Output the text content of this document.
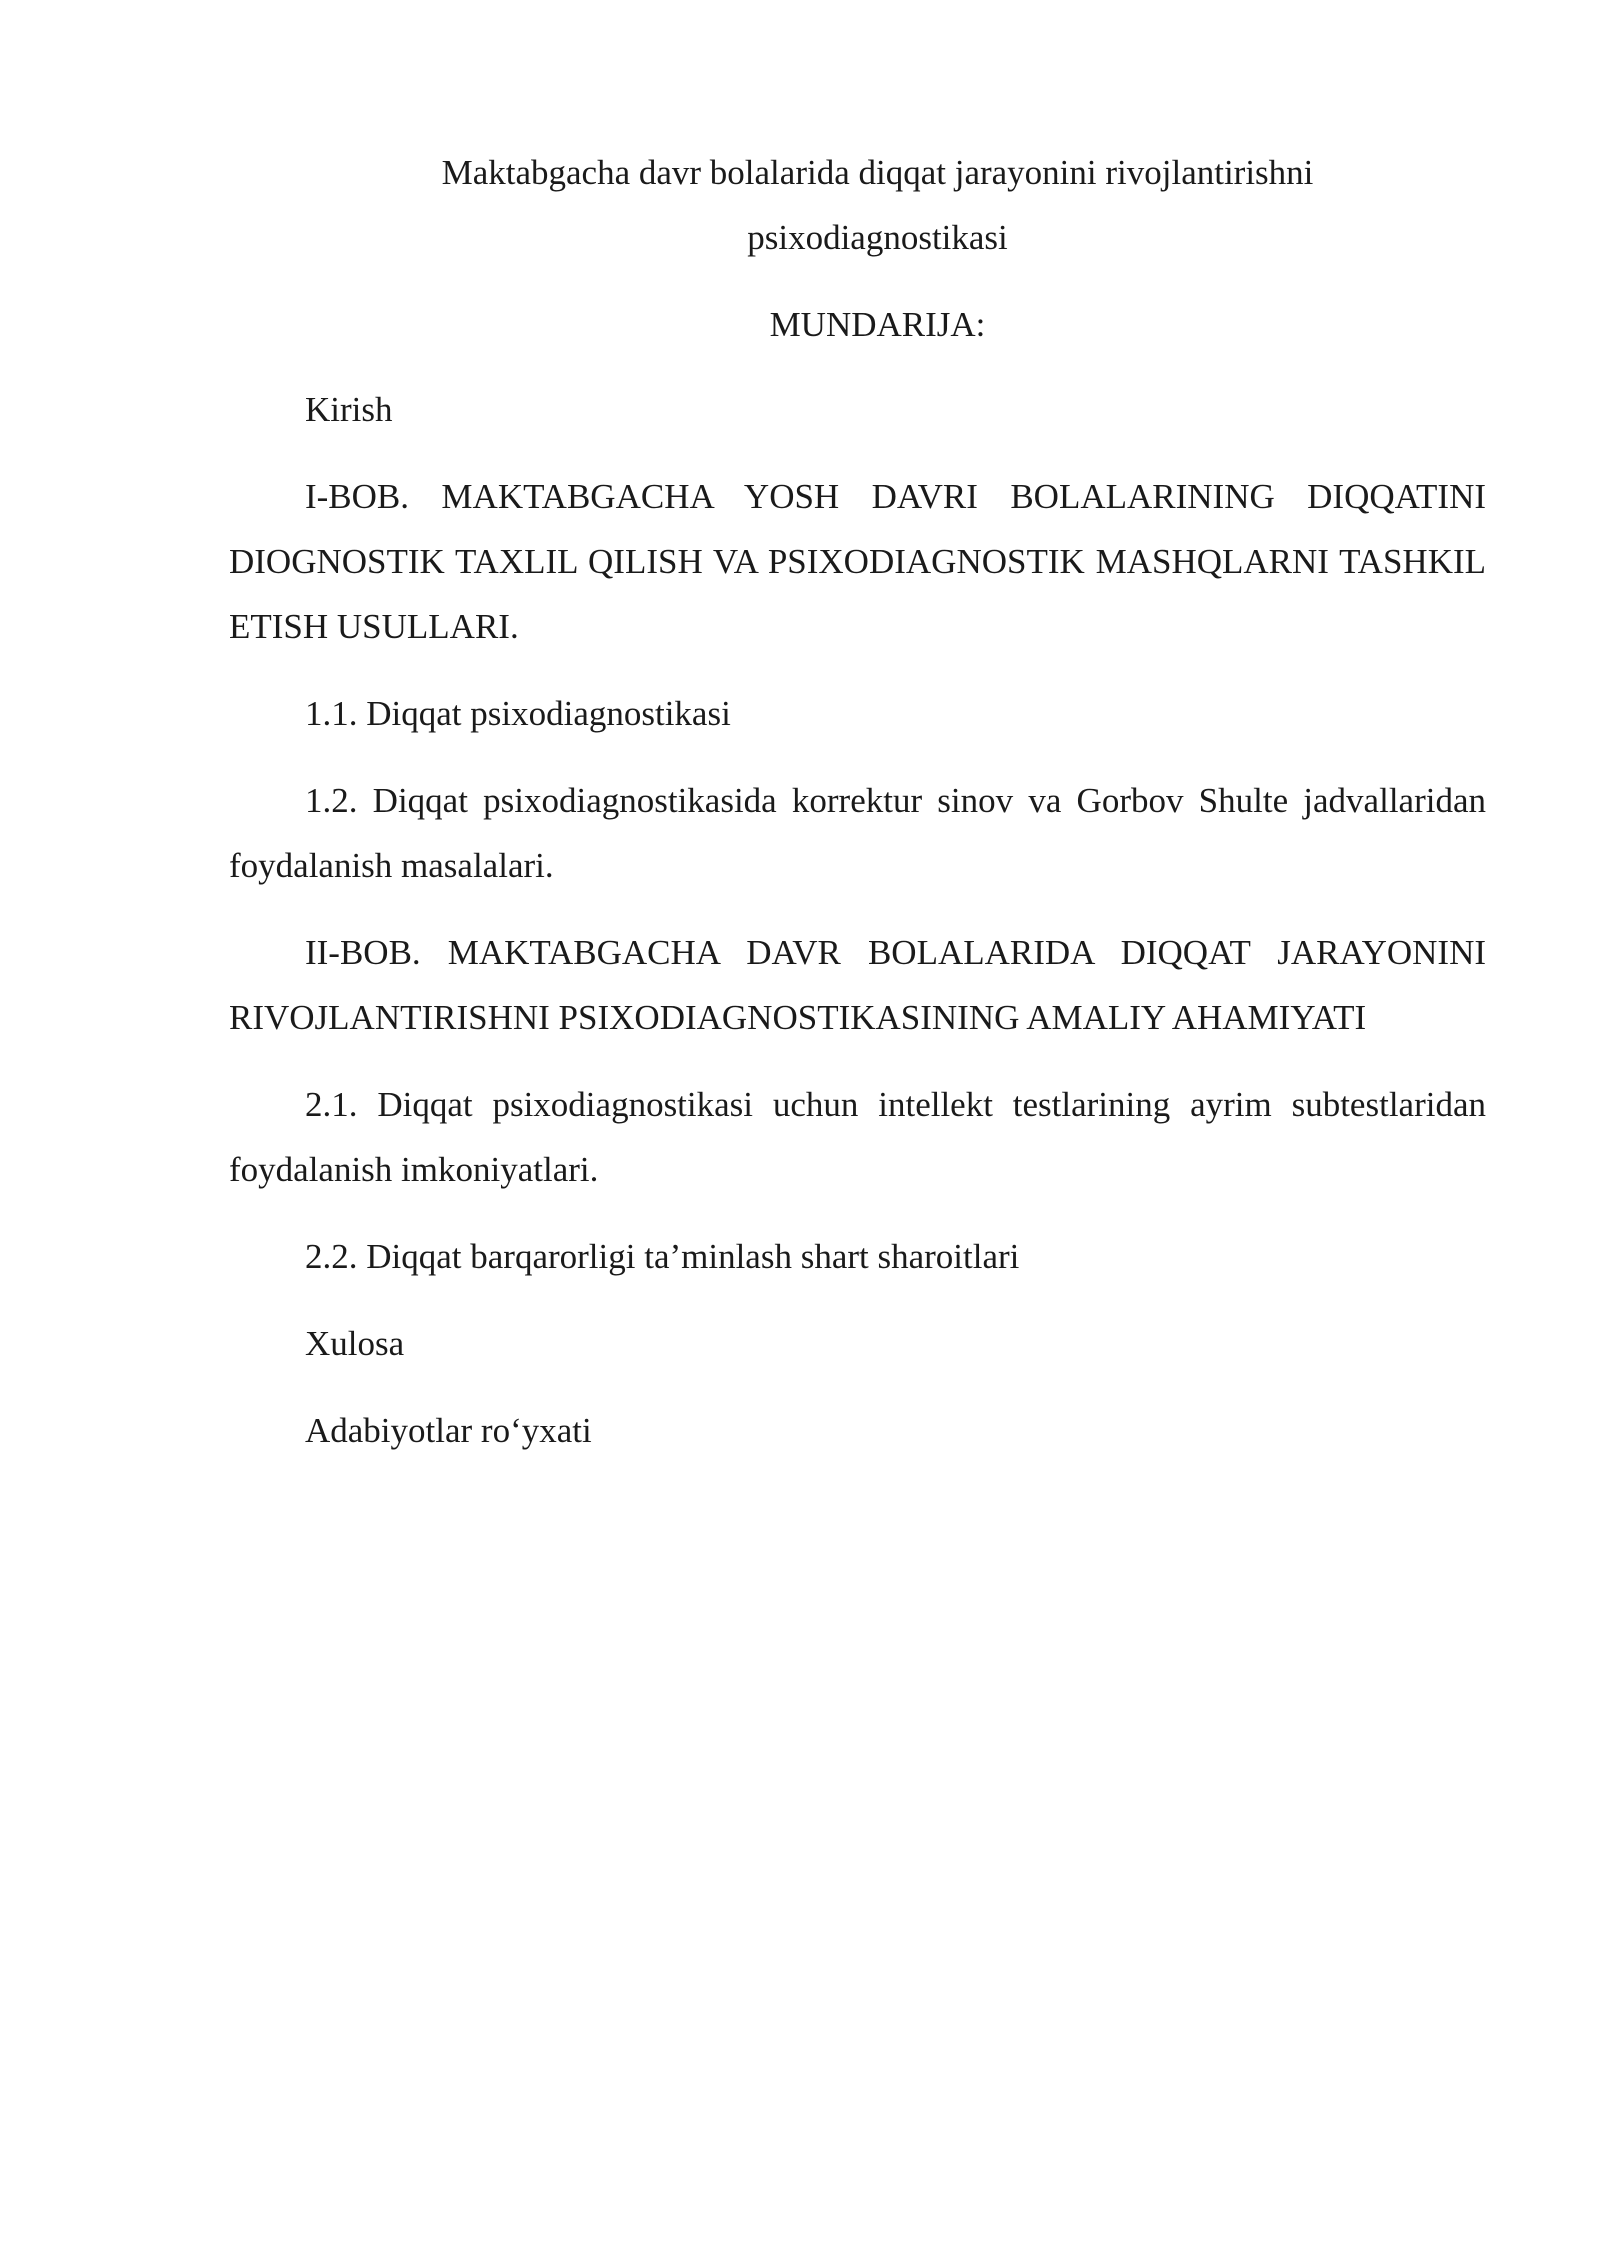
Maktabgacha davr bolalarida diqqat jarayonini rivojlantirishni
psixodiagnostikasi
MUNDARIJA:
Kirish
I-BOB. MAKTABGACHA YOSH DAVRI BOLALARINING DIQQATINI DIOGNOSTIK TAXLIL QILISH VA PSIXODIAGNOSTIK MASHQLARNI TASHKIL ETISH USULLARI.
1.1. Diqqat psixodiagnostikasi
1.2. Diqqat psixodiagnostikasida korrektur sinov va Gorbov Shulte jadvallaridan foydalanish masalalari.
II-BOB. MAKTABGACHA DAVR BOLALARIDA DIQQAT JARAYONINI RIVOJLANTIRISHNI PSIXODIAGNOSTIKASINING AMALIY AHAMIYATI
2.1. Diqqat psixodiagnostikasi uchun intellekt testlarining ayrim subtestlaridan foydalanish imkoniyatlari.
2.2. Diqqat barqarorligi ta’minlash shart sharoitlari
Xulosa
Adabiyotlar ro‘yxati
